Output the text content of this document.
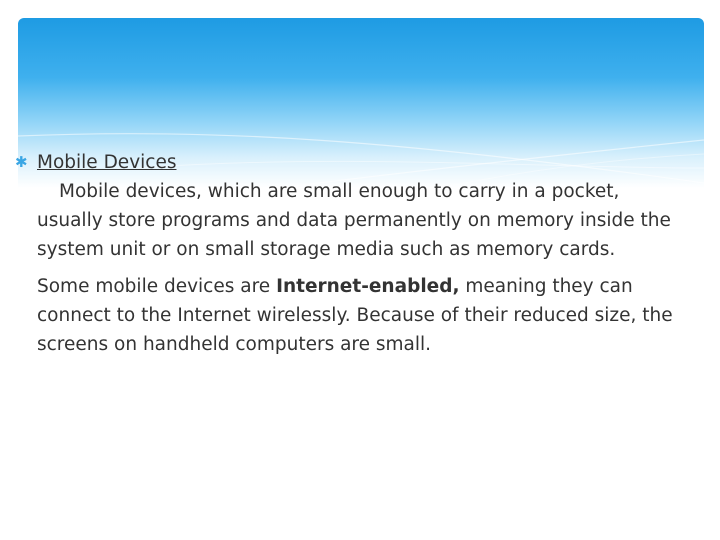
✱ Mobile Devices

Mobile devices, which are small enough to carry in a pocket, usually store programs and data permanently on memory inside the system unit or on small storage media such as memory cards.

Some mobile devices are Internet-enabled, meaning they can connect to the Internet wirelessly. Because of their reduced size, the screens on handheld computers are small.
